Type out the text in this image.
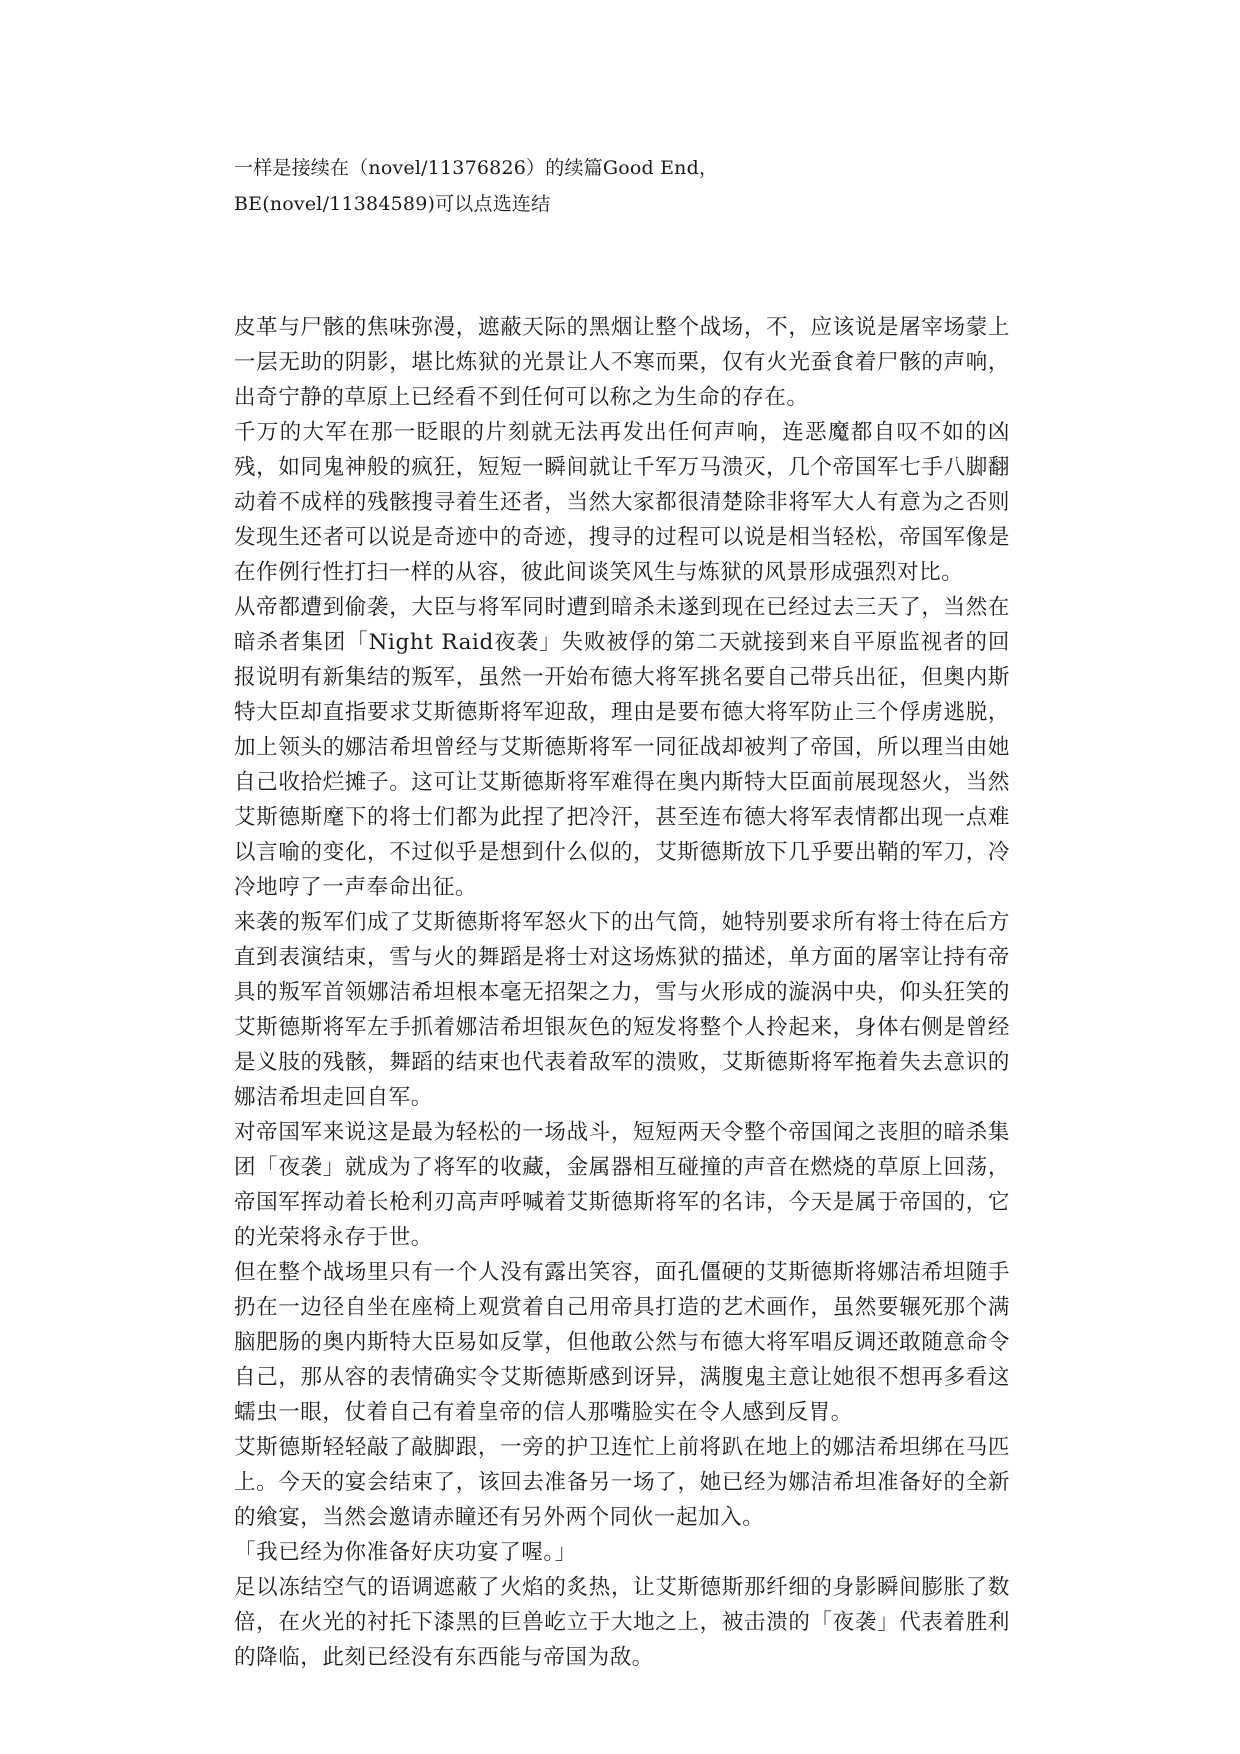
一样是接续在（novel/11376826）的续篇Good End，
BE(novel/11384589)可以点选连结

皮革与尸骸的焦味弥漫，遮蔽天际的黑烟让整个战场，不，应该说是屠宰场蒙上一层无助的阴影，堪比炼狱的光景让人不寒而栗，仅有火光蚕食着尸骸的声响，出奇宁静的草原上已经看不到任何可以称之为生命的存在。

千万的大军在那一眨眼的片刻就无法再发出任何声响，连恶魔都自叹不如的凶残，如同鬼神般的疯狂，短短一瞬间就让千军万马溃灭，几个帝国军七手八脚翻动着不成样的残骸搜寻着生还者，当然大家都很清楚除非将军大人有意为之否则发现生还者可以说是奇迹中的奇迹，搜寻的过程可以说是相当轻松，帝国军像是在作例行性打扫一样的从容，彼此间谈笑风生与炼狱的风景形成强烈对比。

从帝都遭到偷袭，大臣与将军同时遭到暗杀未遂到现在已经过去三天了，当然在暗杀者集团「Night Raid夜袭」失败被俘的第二天就接到来自平原监视者的回报说明有新集结的叛军，虽然一开始布德大将军挑名要自己带兵出征，但奥内斯特大臣却直指要求艾斯德斯将军迎敌，理由是要布德大将军防止三个俘虏逃脱，加上领头的娜洁希坦曾经与艾斯德斯将军一同征战却被判了帝国，所以理当由她自己收拾烂摊子。这可让艾斯德斯将军难得在奥内斯特大臣面前展现怒火，当然艾斯德斯麾下的将士们都为此捏了把冷汗，甚至连布德大将军表情都出现一点难以言喻的变化，不过似乎是想到什么似的，艾斯德斯放下几乎要出鞘的军刀，冷冷地哼了一声奉命出征。

来袭的叛军们成了艾斯德斯将军怒火下的出气筒，她特别要求所有将士待在后方直到表演结束，雪与火的舞蹈是将士对这场炼狱的描述，单方面的屠宰让持有帝具的叛军首领娜洁希坦根本毫无招架之力，雪与火形成的漩涡中央，仰头狂笑的艾斯德斯将军左手抓着娜洁希坦银灰色的短发将整个人拎起来，身体右侧是曾经是义肢的残骸，舞蹈的结束也代表着敌军的溃败，艾斯德斯将军拖着失去意识的娜洁希坦走回自军。

对帝国军来说这是最为轻松的一场战斗，短短两天令整个帝国闻之丧胆的暗杀集团「夜袭」就成为了将军的收藏，金属器相互碰撞的声音在燃烧的草原上回荡，帝国军挥动着长枪利刃高声呼喊着艾斯德斯将军的名讳，今天是属于帝国的，它的光荣将永存于世。

但在整个战场里只有一个人没有露出笑容，面孔僵硬的艾斯德斯将娜洁希坦随手扔在一边径自坐在座椅上观赏着自己用帝具打造的艺术画作，虽然要辗死那个满脑肥肠的奥内斯特大臣易如反掌，但他敢公然与布德大将军唱反调还敢随意命令自己，那从容的表情确实令艾斯德斯感到讶异，满腹鬼主意让她很不想再多看这蠕虫一眼，仗着自己有着皇帝的信人那嘴脸实在令人感到反胃。

艾斯德斯轻轻敲了敲脚跟，一旁的护卫连忙上前将趴在地上的娜洁希坦绑在马匹上。今天的宴会结束了，该回去准备另一场了，她已经为娜洁希坦准备好的全新的飨宴，当然会邀请赤瞳还有另外两个同伙一起加入。

「我已经为你准备好庆功宴了喔。」

足以冻结空气的语调遮蔽了火焰的炙热，让艾斯德斯那纤细的身影瞬间膨胀了数倍，在火光的衬托下漆黑的巨兽屹立于大地之上，被击溃的「夜袭」代表着胜利的降临，此刻已经没有东西能与帝国为敌。
